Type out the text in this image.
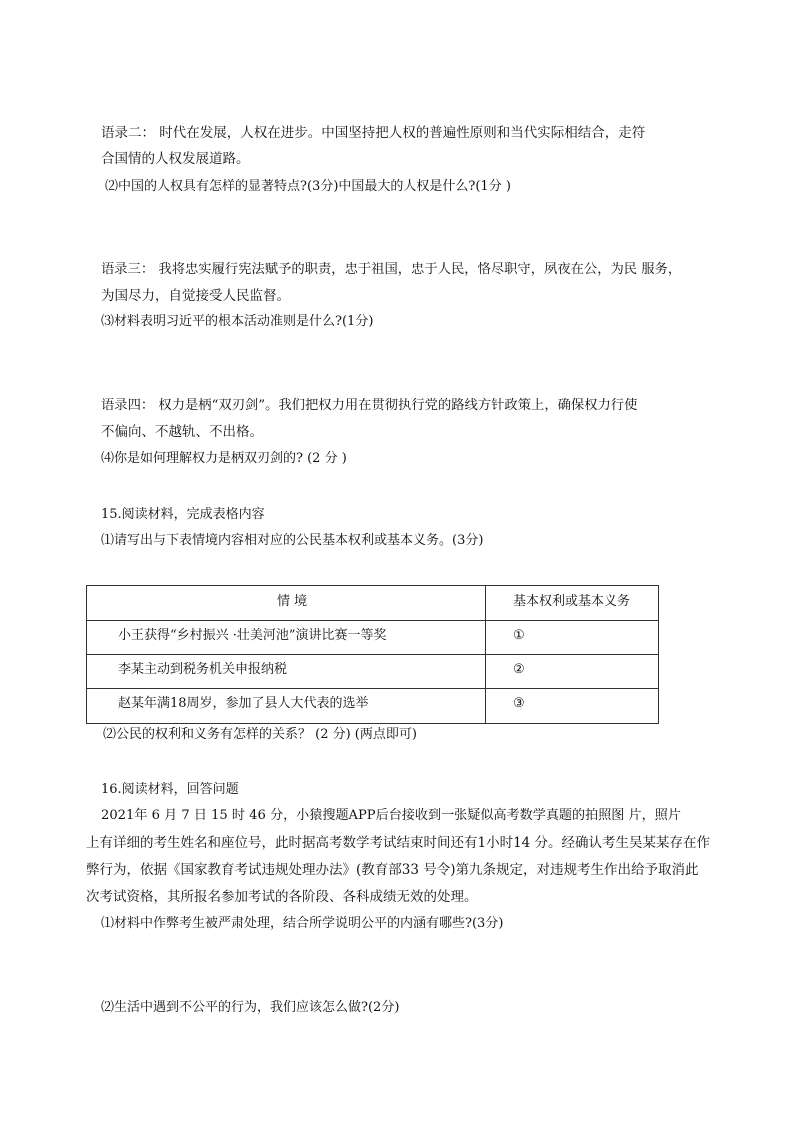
语录二： 时代在发展，人权在进步。中国坚持把人权的普遍性原则和当代实际相结合，走符
合国情的人权发展道路。
⑵中国的人权具有怎样的显著特点?(3分)中国最大的人权是什么?(1分 )
语录三： 我将忠实履行宪法赋予的职责，忠于祖国，忠于人民，恪尽职守，夙夜在公，为民 服务，
为国尽力，自觉接受人民监督。
⑶材料表明习近平的根本活动准则是什么?(1分)
语录四： 权力是柄“双刃剑”。我们把权力用在贯彻执行党的路线方针政策上，确保权力行使
不偏向、不越轨、不出格。
⑷你是如何理解权力是柄双刃剑的? (2 分 )
15.阅读材料，完成表格内容
⑴请写出与下表情境内容相对应的公民基本权利或基本义务。(3分)
情 境	基本权利或基本义务
小王获得“乡村振兴 ·壮美河池”演讲比赛一等奖	①
李某主动到税务机关申报纳税	②
赵某年满18周岁，参加了县人大代表的选举	③
⑵公民的权利和义务有怎样的关系？ (2 分) (两点即可)
16.阅读材料，回答问题
2021年 6 月 7 日 15 时 46 分，小猿搜题APP后台接收到一张疑似高考数学真题的拍照图 片，照片
上有详细的考生姓名和座位号，此时据高考数学考试结束时间还有1小时14 分。经确认考生吴某某存在作
弊行为，依据《国家教育考试违规处理办法》(教育部33 号令)第九条规定，对违规考生作出给予取消此
次考试资格，其所报名参加考试的各阶段、各科成绩无效的处理。
⑴材料中作弊考生被严肃处理，结合所学说明公平的内涵有哪些?(3分)
⑵生活中遇到不公平的行为，我们应该怎么做?(2分)
